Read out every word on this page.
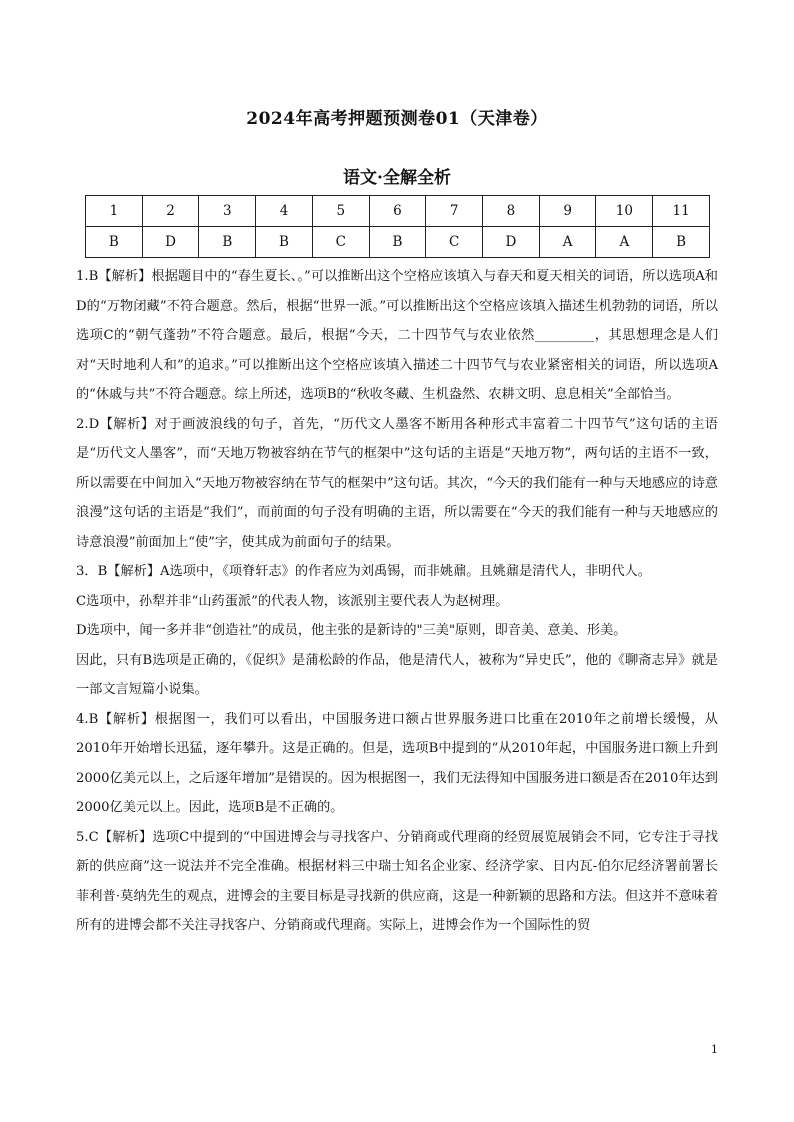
2024年高考押题预测卷01（天津卷）
语文·全解全析
1	2	3	4	5	6	7	8	9	10	11
B	D	B	B	C	B	C	D	A	A	B

1.B【解析】根据题目中的“春生夏长、。”可以推断出这个空格应该填入与春天和夏天相关的词语，所以选项A和D的“万物闭藏”不符合题意。然后，根据“世界一派。”可以推断出这个空格应该填入描述生机勃勃的词语，所以选项C的“朝气蓬勃”不符合题意。最后，根据“今天，二十四节气与农业依然_________，其思想理念是人们对“天时地利人和”的追求。”可以推断出这个空格应该填入描述二十四节气与农业紧密相关的词语，所以选项A的“休戚与共”不符合题意。综上所述，选项B的“秋收冬藏、生机盎然、农耕文明、息息相关”全部恰当。

2.D【解析】对于画波浪线的句子，首先，“历代文人墨客不断用各种形式丰富着二十四节气”这句话的主语是“历代文人墨客”，而“天地万物被容纳在节气的框架中”这句话的主语是“天地万物”，两句话的主语不一致，所以需要在中间加入“天地万物被容纳在节气的框架中”这句话。其次，“今天的我们能有一种与天地感应的诗意浪漫”这句话的主语是“我们”，而前面的句子没有明确的主语，所以需要在“今天的我们能有一种与天地感应的诗意浪漫”前面加上“使”字，使其成为前面句子的结果。

3．B【解析】A选项中，《项脊轩志》的作者应为刘禹锡，而非姚鼐。且姚鼐是清代人，非明代人。

C选项中，孙犁并非“山药蛋派”的代表人物，该派别主要代表人为赵树理。

D选项中，闻一多并非“创造社”的成员，他主张的是新诗的"三美"原则，即音美、意美、形美。

因此，只有B选项是正确的，《促织》是蒲松龄的作品，他是清代人，被称为“异史氏”，他的《聊斋志异》就是一部文言短篇小说集。

4.B【解析】根据图一，我们可以看出，中国服务进口额占世界服务进口比重在2010年之前增长缓慢，从2010年开始增长迅猛，逐年攀升。这是正确的。但是，选项B中提到的“从2010年起，中国服务进口额上升到2000亿美元以上，之后逐年增加”是错误的。因为根据图一，我们无法得知中国服务进口额是否在2010年达到2000亿美元以上。因此，选项B是不正确的。

5.C【解析】选项C中提到的“中国进博会与寻找客户、分销商或代理商的经贸展览展销会不同，它专注于寻找新的供应商”这一说法并不完全准确。根据材料三中瑞士知名企业家、经济学家、日内瓦-伯尔尼经济署前署长菲利普·莫纳先生的观点，进博会的主要目标是寻找新的供应商，这是一种新颖的思路和方法。但这并不意味着所有的进博会都不关注寻找客户、分销商或代理商。实际上，进博会作为一个国际性的贸

1
